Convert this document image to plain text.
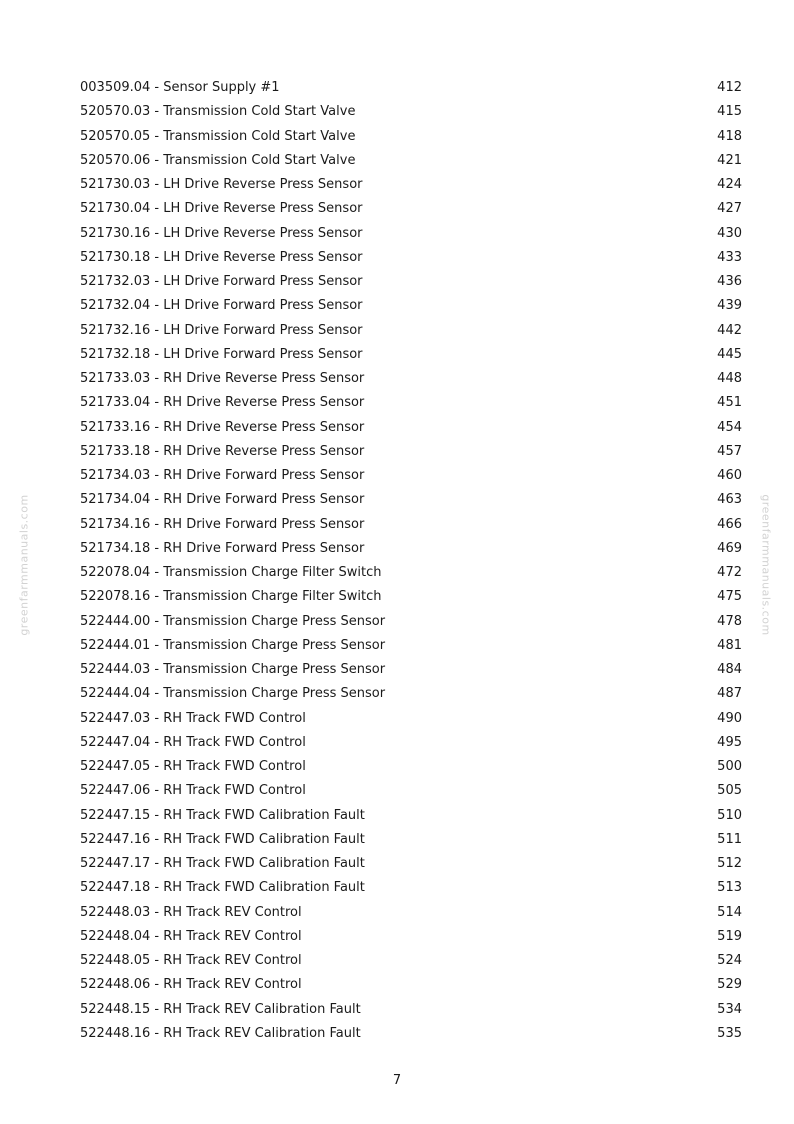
greenfarmmanuals.com	greenfarmmanuals.com
003509.04 - Sensor Supply #1	412
520570.03 - Transmission Cold Start Valve	415
520570.05 - Transmission Cold Start Valve	418
520570.06 - Transmission Cold Start Valve	421
521730.03 - LH Drive Reverse Press Sensor	424
521730.04 - LH Drive Reverse Press Sensor	427
521730.16 - LH Drive Reverse Press Sensor	430
521730.18 - LH Drive Reverse Press Sensor	433
521732.03 - LH Drive Forward Press Sensor	436
521732.04 - LH Drive Forward Press Sensor	439
521732.16 - LH Drive Forward Press Sensor	442
521732.18 - LH Drive Forward Press Sensor	445
521733.03 - RH Drive Reverse Press Sensor	448
521733.04 - RH Drive Reverse Press Sensor	451
521733.16 - RH Drive Reverse Press Sensor	454
521733.18 - RH Drive Reverse Press Sensor	457
521734.03 - RH Drive Forward Press Sensor	460
521734.04 - RH Drive Forward Press Sensor	463
521734.16 - RH Drive Forward Press Sensor	466
521734.18 - RH Drive Forward Press Sensor	469
522078.04 - Transmission Charge Filter Switch	472
522078.16 - Transmission Charge Filter Switch	475
522444.00 - Transmission Charge Press Sensor	478
522444.01 - Transmission Charge Press Sensor	481
522444.03 - Transmission Charge Press Sensor	484
522444.04 - Transmission Charge Press Sensor	487
522447.03 - RH Track FWD Control	490
522447.04 - RH Track FWD Control	495
522447.05 - RH Track FWD Control	500
522447.06 - RH Track FWD Control	505
522447.15 - RH Track FWD Calibration Fault	510
522447.16 - RH Track FWD Calibration Fault	511
522447.17 - RH Track FWD Calibration Fault	512
522447.18 - RH Track FWD Calibration Fault	513
522448.03 - RH Track REV Control	514
522448.04 - RH Track REV Control	519
522448.05 - RH Track REV Control	524
522448.06 - RH Track REV Control	529
522448.15 - RH Track REV Calibration Fault	534
522448.16 - RH Track REV Calibration Fault	535
7
